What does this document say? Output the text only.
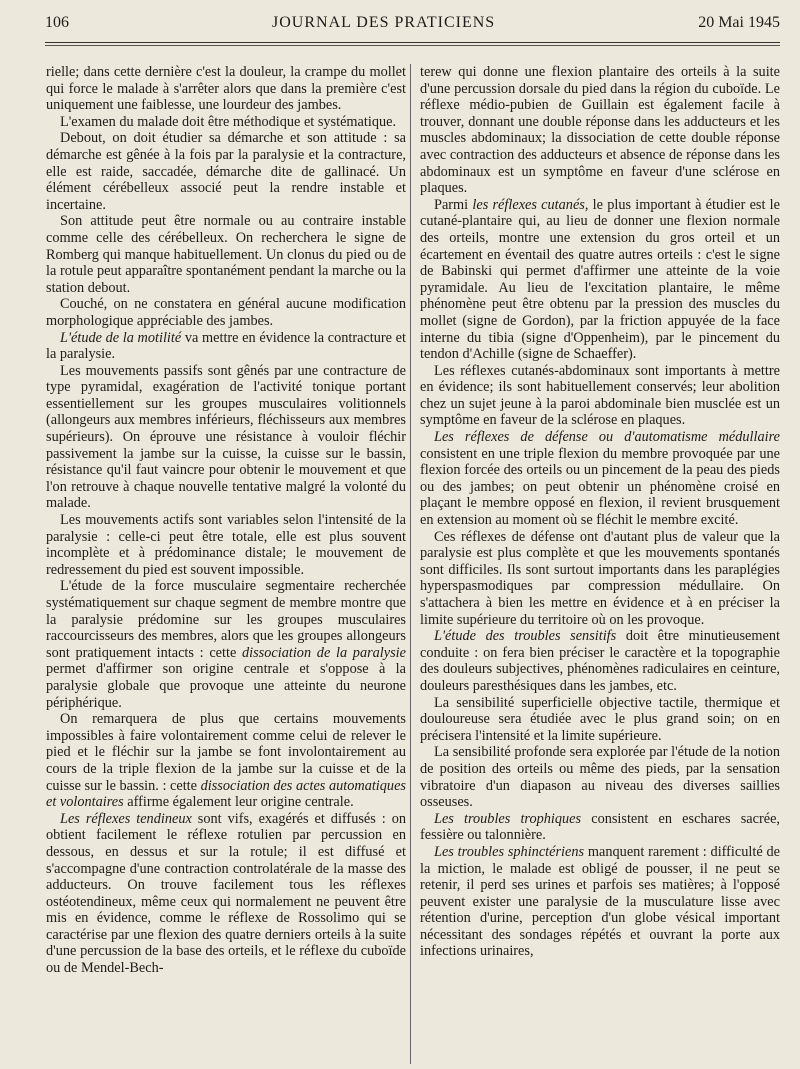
106	JOURNAL DES PRATICIENS	20 Mai 1945

rielle; dans cette dernière c'est la douleur, la crampe du mollet qui force le malade à s'arrêter alors que dans la première c'est uniquement une faiblesse, une lourdeur des jambes.

L'examen du malade doit être méthodique et systématique.

Debout, on doit étudier sa démarche et son attitude : sa démarche est gênée à la fois par la paralysie et la contracture, elle est raide, saccadée, démarche dite de gallinacé. Un élément cérébelleux associé peut la rendre instable et incertaine.

Son attitude peut être normale ou au contraire instable comme celle des cérébelleux. On recherchera le signe de Romberg qui manque habituellement. Un clonus du pied ou de la rotule peut apparaître spontanément pendant la marche ou la station debout.

Couché, on ne constatera en général aucune modification morphologique appréciable des jambes.

L'étude de la motilité va mettre en évidence la contracture et la paralysie.

Les mouvements passifs sont gênés par une contracture de type pyramidal, exagération de l'activité tonique portant essentiellement sur les groupes musculaires volitionnels (allongeurs aux membres inférieurs, fléchisseurs aux membres supérieurs). On éprouve une résistance à vouloir fléchir passivement la jambe sur la cuisse, la cuisse sur le bassin, résistance qu'il faut vaincre pour obtenir le mouvement et que l'on retrouve à chaque nouvelle tentative malgré la volonté du malade.

Les mouvements actifs sont variables selon l'intensité de la paralysie : celle-ci peut être totale, elle est plus souvent incomplète et à prédominance distale; le mouvement de redressement du pied est souvent impossible.

L'étude de la force musculaire segmentaire recherchée systématiquement sur chaque segment de membre montre que la paralysie prédomine sur les groupes musculaires raccourcisseurs des membres, alors que les groupes allongeurs sont pratiquement intacts : cette dissociation de la paralysie permet d'affirmer son origine centrale et s'oppose à la paralysie globale que provoque une atteinte du neurone périphérique.

On remarquera de plus que certains mouvements impossibles à faire volontairement comme celui de relever le pied et le fléchir sur la jambe se font involontairement au cours de la triple flexion de la jambe sur la cuisse et de la cuisse sur le bassin. : cette dissociation des actes automatiques et volontaires affirme également leur origine centrale.

Les réflexes tendineux sont vifs, exagérés et diffusés : on obtient facilement le réflexe rotulien par percussion en dessous, en dessus et sur la rotule; il est diffusé et s'accompagne d'une contraction controlatérale de la masse des adducteurs. On trouve facilement tous les réflexes ostéotendineux, même ceux qui normalement ne peuvent être mis en évidence, comme le réflexe de Rossolimo qui se caractérise par une flexion des quatre derniers orteils à la suite d'une percussion de la base des orteils, et le réflexe du cuboïde ou de Mendel-Bech-

terew qui donne une flexion plantaire des orteils à la suite d'une percussion dorsale du pied dans la région du cuboïde. Le réflexe médio-pubien de Guillain est également facile à trouver, donnant une double réponse dans les adducteurs et les muscles abdominaux; la dissociation de cette double réponse avec contraction des adducteurs et absence de réponse dans les abdominaux est un symptôme en faveur d'une sclérose en plaques.

Parmi les réflexes cutanés, le plus important à étudier est le cutané-plantaire qui, au lieu de donner une flexion normale des orteils, montre une extension du gros orteil et un écartement en éventail des quatre autres orteils : c'est le signe de Babinski qui permet d'affirmer une atteinte de la voie pyramidale. Au lieu de l'excitation plantaire, le même phénomène peut être obtenu par la pression des muscles du mollet (signe de Gordon), par la friction appuyée de la face interne du tibia (signe d'Oppenheim), par le pincement du tendon d'Achille (signe de Schaeffer).

Les réflexes cutanés-abdominaux sont importants à mettre en évidence; ils sont habituellement conservés; leur abolition chez un sujet jeune à la paroi abdominale bien musclée est un symptôme en faveur de la sclérose en plaques.

Les réflexes de défense ou d'automatisme médullaire consistent en une triple flexion du membre provoquée par une flexion forcée des orteils ou un pincement de la peau des pieds ou des jambes; on peut obtenir un phénomène croisé en plaçant le membre opposé en flexion, il revient brusquement en extension au moment où se fléchit le membre excité.

Ces réflexes de défense ont d'autant plus de valeur que la paralysie est plus complète et que les mouvements spontanés sont difficiles. Ils sont surtout importants dans les paraplégies hyperspasmodiques par compression médullaire. On s'attachera à bien les mettre en évidence et à en préciser la limite supérieure du territoire où on les provoque.

L'étude des troubles sensitifs doit être minutieusement conduite : on fera bien préciser le caractère et la topographie des douleurs subjectives, phénomènes radiculaires en ceinture, douleurs paresthésiques dans les jambes, etc.

La sensibilité superficielle objective tactile, thermique et douloureuse sera étudiée avec le plus grand soin; on en précisera l'intensité et la limite supérieure.

La sensibilité profonde sera explorée par l'étude de la notion de position des orteils ou même des pieds, par la sensation vibratoire d'un diapason au niveau des diverses saillies osseuses.

Les troubles trophiques consistent en eschares sacrée, fessière ou talonnière.

Les troubles sphinctériens manquent rarement : difficulté de la miction, le malade est obligé de pousser, il ne peut se retenir, il perd ses urines et parfois ses matières; à l'opposé peuvent exister une paralysie de la musculature lisse avec rétention d'urine, perception d'un globe vésical important nécessitant des sondages répétés et ouvrant la porte aux infections urinaires,
